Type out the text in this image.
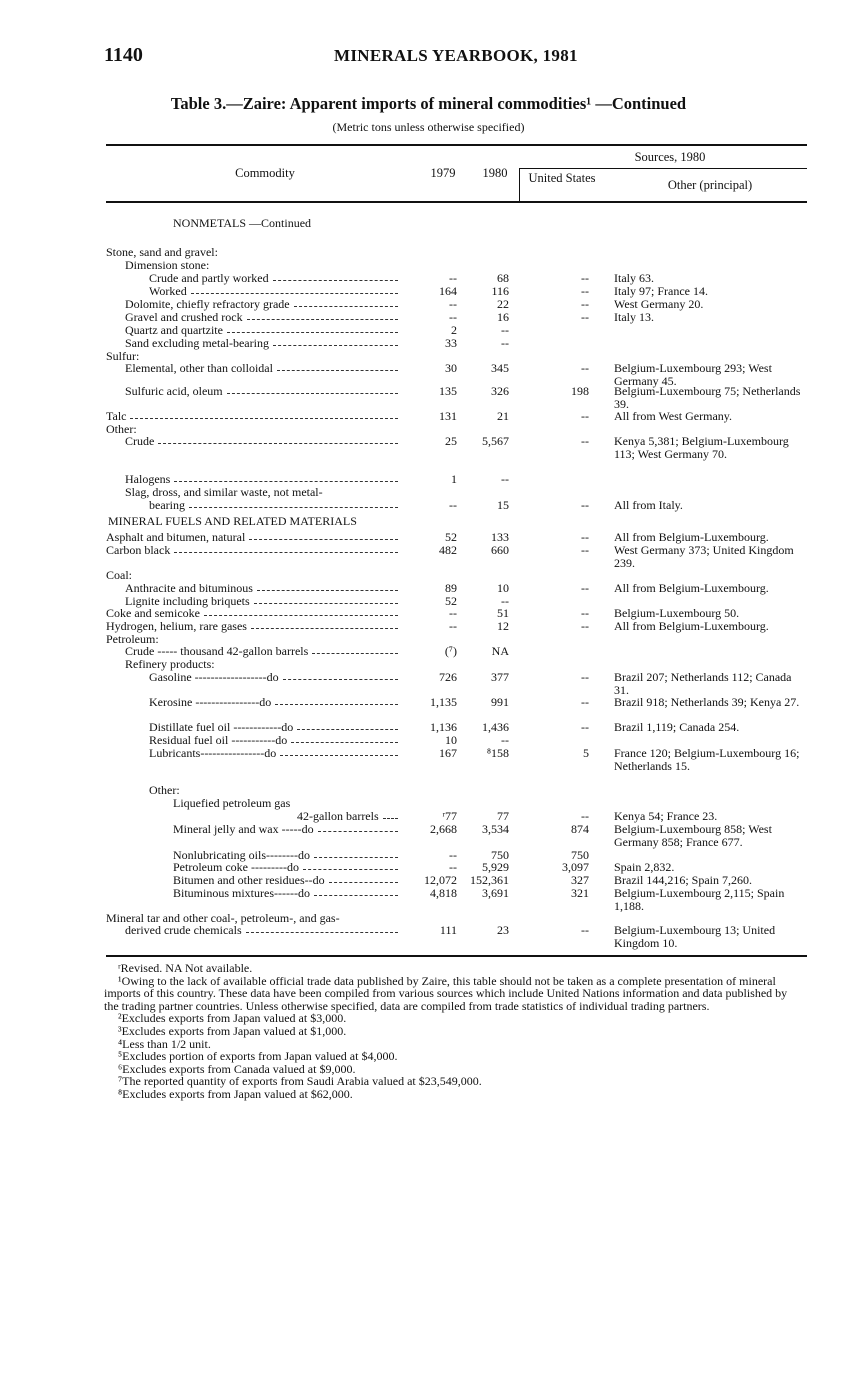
1140	MINERALS YEARBOOK, 1981
Table 3.—Zaire: Apparent imports of mineral commodities¹ —Continued
(Metric tons unless otherwise specified)
Commodity	1979	1980
Sources, 1980
United States	Other (principal)
NONMETALS —Continued
MINERAL FUELS AND RELATED MATERIALS
Stone, sand and gravel:
Dimension stone:
Crude and partly worked	--	68	-- Italy 63.
Worked	164	116	-- Italy 97; France 14.
Dolomite, chiefly refractory grade	--	22	-- West Germany 20.
Gravel and crushed rock	--	16	-- Italy 13.
Quartz and quartzite	2	--
Sand excluding metal-bearing	33	--
Sulfur:
Elemental, other than colloidal	30	345	-- Belgium-Luxembourg 293; West Germany 45.
Sulfuric acid, oleum	135	326	198 Belgium-Luxembourg 75; Netherlands 39.
Talc	131	21	-- All from West Germany.
Other:
Crude	25 5,567	-- Kenya 5,381; Belgium-Luxembourg 113; West Germany 70.
Halogens	1	--
Slag, dross, and similar waste, not metal-
bearing	--	15	-- All from Italy.
Asphalt and bitumen, natural	52	133	-- All from Belgium-Luxembourg.
Carbon black	482	660	-- West Germany 373; United Kingdom 239.
Coal:
Anthracite and bituminous	89	10	-- All from Belgium-Luxembourg.
Lignite including briquets	52	--
Coke and semicoke	--	51	-- Belgium-Luxembourg 50.
Hydrogen, helium, rare gases	--	12	-- All from Belgium-Luxembourg.
Petroleum:
Crude ----- thousand 42-gallon barrels	(⁷)	NA
Refinery products:
Gasoline ------------------do	726	377	-- Brazil 207; Netherlands 112; Canada 31.
Kerosine ----------------do	1,135	991	-- Brazil 918; Netherlands 39; Kenya 27.
Distillate fuel oil ------------do	1,136 1,436	-- Brazil 1,119; Canada 254.
Residual fuel oil -----------do	10	--
Lubricants----------------do	167 ⁸158	5 France 120; Belgium-Luxembourg 16; Netherlands 15.
Other:
Liquefied petroleum gas
42-gallon barrels	ʳ77	77	-- Kenya 54; France 23.
Mineral jelly and wax -----do	2,668 3,534	874 Belgium-Luxembourg 858; West Germany 858; France 677.
Nonlubricating oils--------do	--	750	750
Petroleum coke ---------do	-- 5,929	3,097 Spain 2,832.
Bitumen and other residues--do	12,072 152,361	327 Brazil 144,216; Spain 7,260.
Bituminous mixtures------do	4,818 3,691	321 Belgium-Luxembourg 2,115; Spain 1,188.
Mineral tar and other coal-, petroleum-, and gas-
derived crude chemicals	111	23	-- Belgium-Luxembourg 13; United Kingdom 10.

ʳRevised. NA Not available.

¹Owing to the lack of available official trade data published by Zaire, this table should not be taken as a complete presentation of mineral imports of this country. These data have been compiled from various sources which include United Nations information and data published by the trading partner countries. Unless otherwise specified, data are compiled from trade statistics of individual trading partners.

²Excludes exports from Japan valued at $3,000.

³Excludes exports from Japan valued at $1,000.

⁴Less than 1/2 unit.

⁵Excludes portion of exports from Japan valued at $4,000.

⁶Excludes exports from Canada valued at $9,000.

⁷The reported quantity of exports from Saudi Arabia valued at $23,549,000.

⁸Excludes exports from Japan valued at $62,000.
